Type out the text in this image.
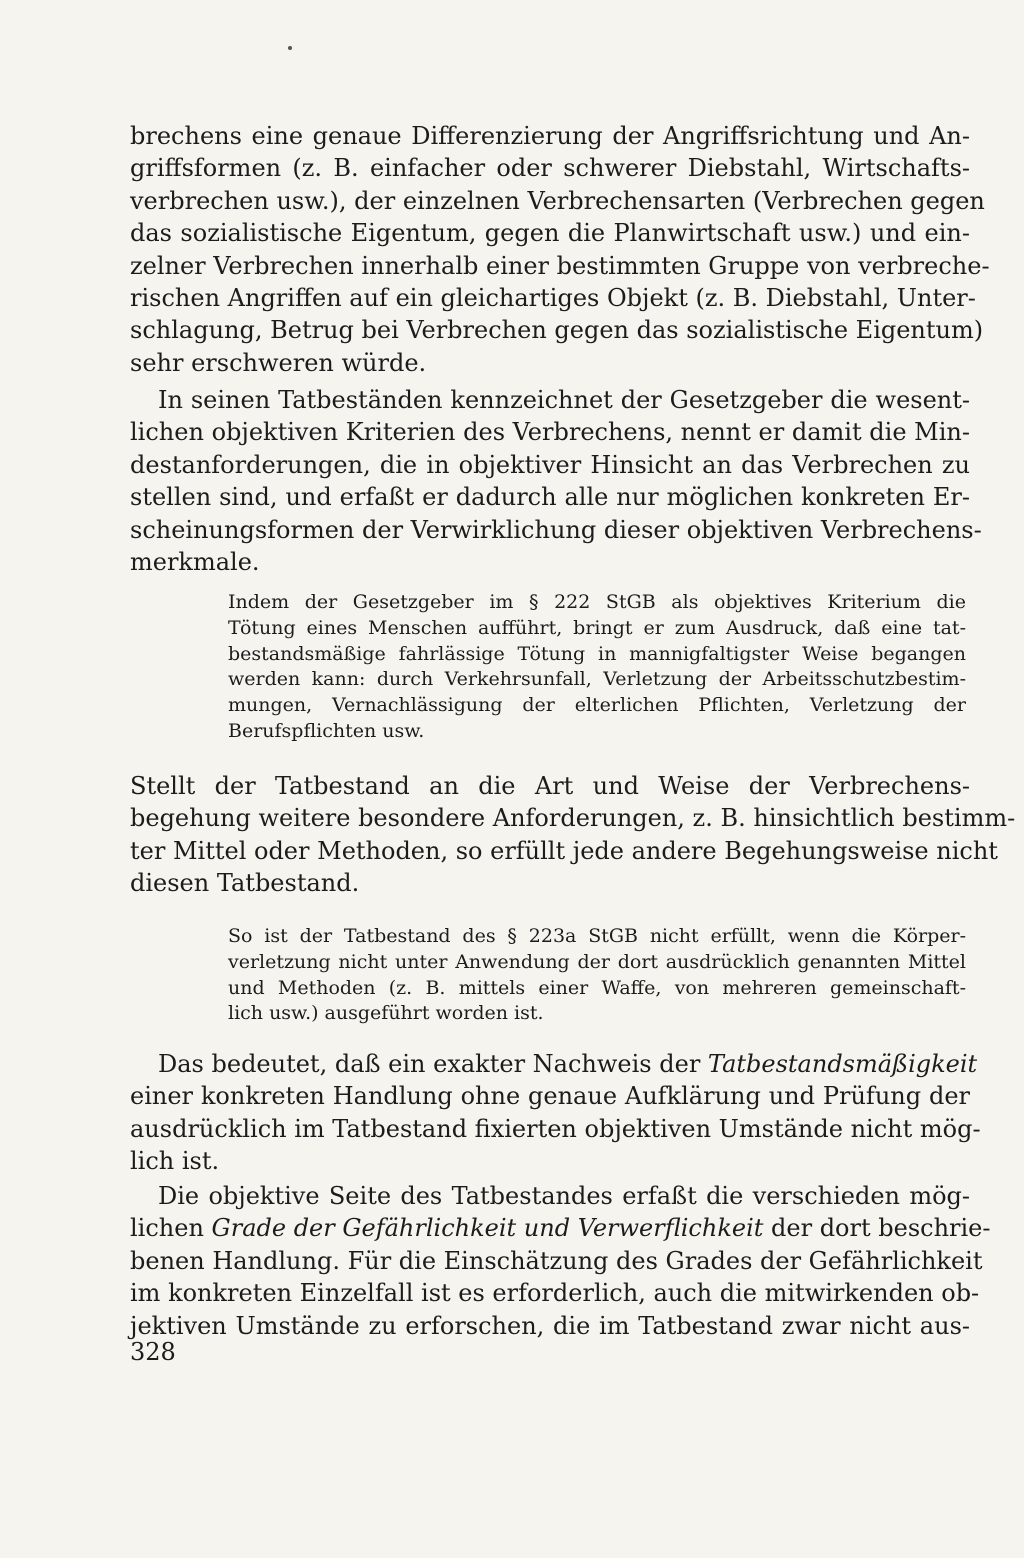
brechens eine genaue Differenzierung der Angriffsrichtung und An-
griffsformen (z. B. einfacher oder schwerer Diebstahl, Wirtschafts-
verbrechen usw.), der einzelnen Verbrechensarten (Verbrechen gegen
das sozialistische Eigentum, gegen die Planwirtschaft usw.) und ein-
zelner Verbrechen innerhalb einer bestimmten Gruppe von verbreche-
rischen Angriffen auf ein gleichartiges Objekt (z. B. Diebstahl, Unter-
schlagung, Betrug bei Verbrechen gegen das sozialistische Eigentum)
sehr erschweren würde.
In seinen Tatbeständen kennzeichnet der Gesetzgeber die wesent-
lichen objektiven Kriterien des Verbrechens, nennt er damit die Min-
destanforderungen, die in objektiver Hinsicht an das Verbrechen zu
stellen sind, und erfaßt er dadurch alle nur möglichen konkreten Er-
scheinungsformen der Verwirklichung dieser objektiven Verbrechens-
merkmale.
Indem der Gesetzgeber im § 222 StGB als objektives Kriterium die
Tötung eines Menschen aufführt, bringt er zum Ausdruck, daß eine tat-
bestandsmäßige fahrlässige Tötung in mannigfaltigster Weise begangen
werden kann: durch Verkehrsunfall, Verletzung der Arbeitsschutzbestim-
mungen, Vernachlässigung der elterlichen Pflichten, Verletzung der
Berufspflichten usw.
Stellt der Tatbestand an die Art und Weise der Verbrechens-
begehung weitere besondere Anforderungen, z. B. hinsichtlich bestimm-
ter Mittel oder Methoden, so erfüllt jede andere Begehungsweise nicht
diesen Tatbestand.
So ist der Tatbestand des § 223a StGB nicht erfüllt, wenn die Körper-
verletzung nicht unter Anwendung der dort ausdrücklich genannten Mittel
und Methoden (z. B. mittels einer Waffe, von mehreren gemeinschaft-
lich usw.) ausgeführt worden ist.
Das bedeutet, daß ein exakter Nachweis der Tatbestandsmäßigkeit
einer konkreten Handlung ohne genaue Aufklärung und Prüfung der
ausdrücklich im Tatbestand fixierten objektiven Umstände nicht mög-
lich ist.
Die objektive Seite des Tatbestandes erfaßt die verschieden mög-
lichen Grade der Gefährlichkeit und Verwerflichkeit der dort beschrie-
benen Handlung. Für die Einschätzung des Grades der Gefährlichkeit
im konkreten Einzelfall ist es erforderlich, auch die mitwirkenden ob-
jektiven Umstände zu erforschen, die im Tatbestand zwar nicht aus-
328
